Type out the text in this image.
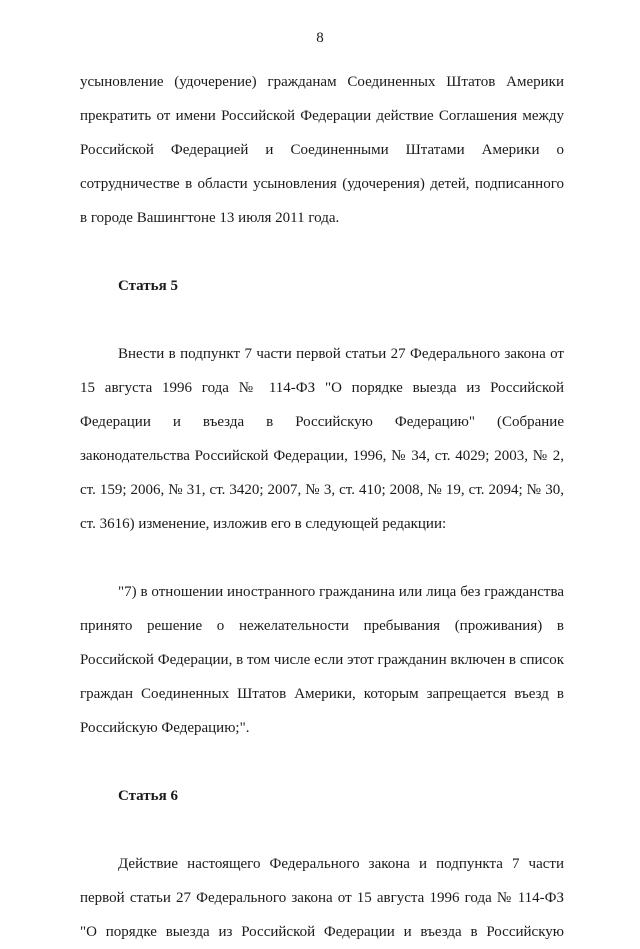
8

усыновление (удочерение) гражданам Соединенных Штатов Америки
прекратить от имени Российской Федерации действие Соглашения между
Российской Федерацией и Соединенными Штатами Америки о
сотрудничестве в области усыновления (удочерения) детей, подписанного
в городе Вашингтоне 13 июля 2011 года.

Статья 5

Внести в подпункт 7 части первой статьи 27 Федерального закона от
15 августа 1996 года № 114-ФЗ "О порядке выезда из Российской
Федерации и въезда в Российскую Федерацию" (Собрание
законодательства Российской Федерации, 1996, № 34, ст. 4029; 2003, № 2,
ст. 159; 2006, № 31, ст. 3420; 2007, № 3, ст. 410; 2008, № 19, ст. 2094; № 30,
ст. 3616) изменение, изложив его в следующей редакции:

"7) в отношении иностранного гражданина или лица без гражданства
принято решение о нежелательности пребывания (проживания) в
Российской Федерации, в том числе если этот гражданин включен в список
граждан Соединенных Штатов Америки, которым запрещается въезд в
Российскую Федерацию;".

Статья 6

Действие настоящего Федерального закона и подпункта 7 части
первой статьи 27 Федерального закона от 15 августа 1996 года № 114-ФЗ
"О порядке выезда из Российской Федерации и въезда в Российскую
